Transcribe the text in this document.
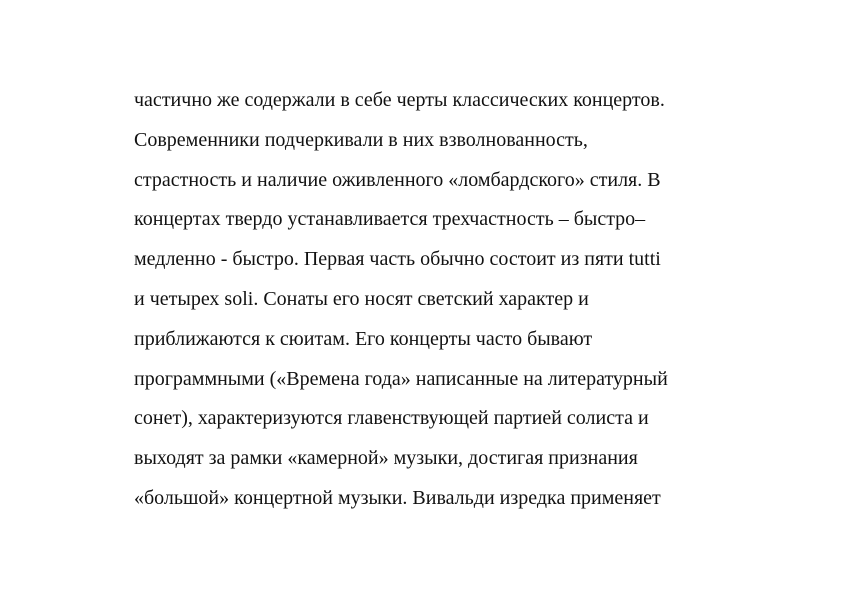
частично же содержали в себе черты классических концертов.
Современники подчеркивали в них взволнованность,
страстность и наличие оживленного «ломбардского» стиля. В
концертах твердо устанавливается трехчастность – быстро–
медленно - быстро. Первая часть обычно состоит из пяти tutti
и четырех soli. Сонаты его носят светский характер и
приближаются к сюитам. Его концерты часто бывают
программными («Времена года» написанные на литературный
сонет), характеризуются главенствующей партией солиста и
выходят за рамки «камерной» музыки, достигая признания
«большой» концертной музыки. Вивальди изредка применяет
